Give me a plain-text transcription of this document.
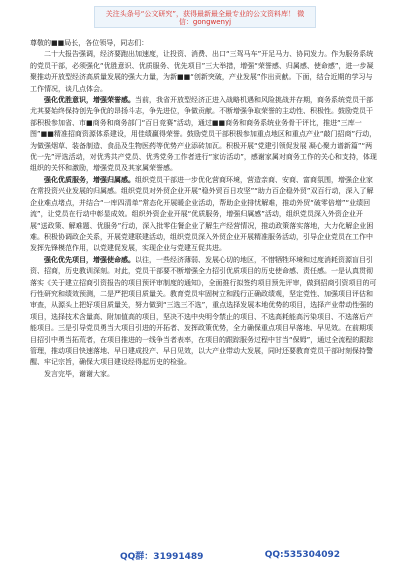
关注头条号“公文研究”，获得最新最全最专业的公文资料库！ 微信：gongwenyj

尊敬的■■局长，各位领导，同志们：

二十大报告强调，经济要跑出加速度，让投资、消费、出口“三驾马车”开足马力、协同发力。作为服务系统的党员干部，必须强化“优胜意识、优质服务、优先项目”三大举措，增强“荣誉感、归属感、使命感”，进一步凝聚推动开放型经济高质量发展的强大力量，为新■■“创新突破，产业发展”作出贡献。下面，结合近期的学习与工作情况，谈几点体会。

强化优胜意识，增强荣誉感。当前，我省开放型经济正进入战略机遇和风险挑战并存期，商务系统党员干部尤其要始终保持创先争优的昂扬斗志，争先进位，争做贡献。不断增强争取荣誉的主动性、积极性。鼓励党员干部积极参加省、市■商务和商务部门“百日竞赛”活动，通过■■商务和商务系统业务骨干评比，推进“三库一图”■■精准招商资源体系建设，用佳绩赢得荣誉。鼓励党员干部积极参加重点地区和重点产业“敲门招商”行动，为做强烟草、装备制造、食品及生物医药等优势产业添砖加瓦。积极开展“党建引领促发展 凝心聚力谱新篇”“两优一先”评选活动，对优秀共产党员、优秀党务工作者进行“家访活动”，感谢家属对商务工作的关心和支持，体现组织的关怀和激励，增强党员及其家属荣誉感。

强化优质服务，增强归属感。组织党员干部进一步优化营商环境，营造亲商、安商、富商氛围，增强企业家在常投资兴业发展的归属感。组织党员对外贸企业开展“稳外贸百日攻坚”“助力百企稳外贸”双百行动，深入了解企业难点堵点，并结合“一库四清单”常态化开展暖企业活动，帮助企业排忧解难，推动外贸“破零倍增”“业绩回流”，让党员在行动中彰显成效。组织外资企业开展“优质服务，增强归属感”活动，组织党员深入外资企业开展“送政策、解难题、优服务”行动，深入批零住餐企业了解生产经营情况，推动政策落实落地，大力化解企业困难。积极协调政企关系，开展党建联建活动，组织党员深入外贸企业开展精准服务活动，引导企业党员在工作中发挥先锋模范作用，以党建促发展，实现企业与党建互促共进。

强化优先项目，增强使命感。以往，一些经济薄弱、发展心切的地区，不惜牺牲环境和过度消耗资源盲目引资、招商，历史教训深刻。对此，党员干部要不断增强全力招引优质项目的历史使命感、责任感。一是认真贯彻落实《关于建立招商引资报告的项目预评审制度的通知》，全面推行拟签约项目预先评审，做到招商引资项目的可行性研究和绩效预测，二是严把项目质量关。教育党员牢固树立和践行正确政绩观，坚定党性、加强项目评估和审查，从源头上把好项目质量关，努力做到“三选三不选”，重点选择发展本地优势的项目，选择产业带动性强的项目，选择技术含量高、附加值高的项目，坚决不选中央明令禁止的项目、不选高耗能高污染项目、不选落后产能项目。三是引导党员勇当大项目引进的开拓者、发挥政策优势，全力确保重点项目早落地、早见效。在前期项目招引中勇当拓荒者，在项目推进的一线争当者表率，在项目的跟踪服务过程中甘当“保姆”，通过全流程的跟踪管理，推动项目快速落地、早日建成投产、早日见效，以大产业带动大发展，同时还要教育党员干部时刻保持警醒、牢记宗旨，确保大项目建设经得起历史的检验。

发言完毕，谢谢大家。

QQ群：31991489	QQ:535304092
